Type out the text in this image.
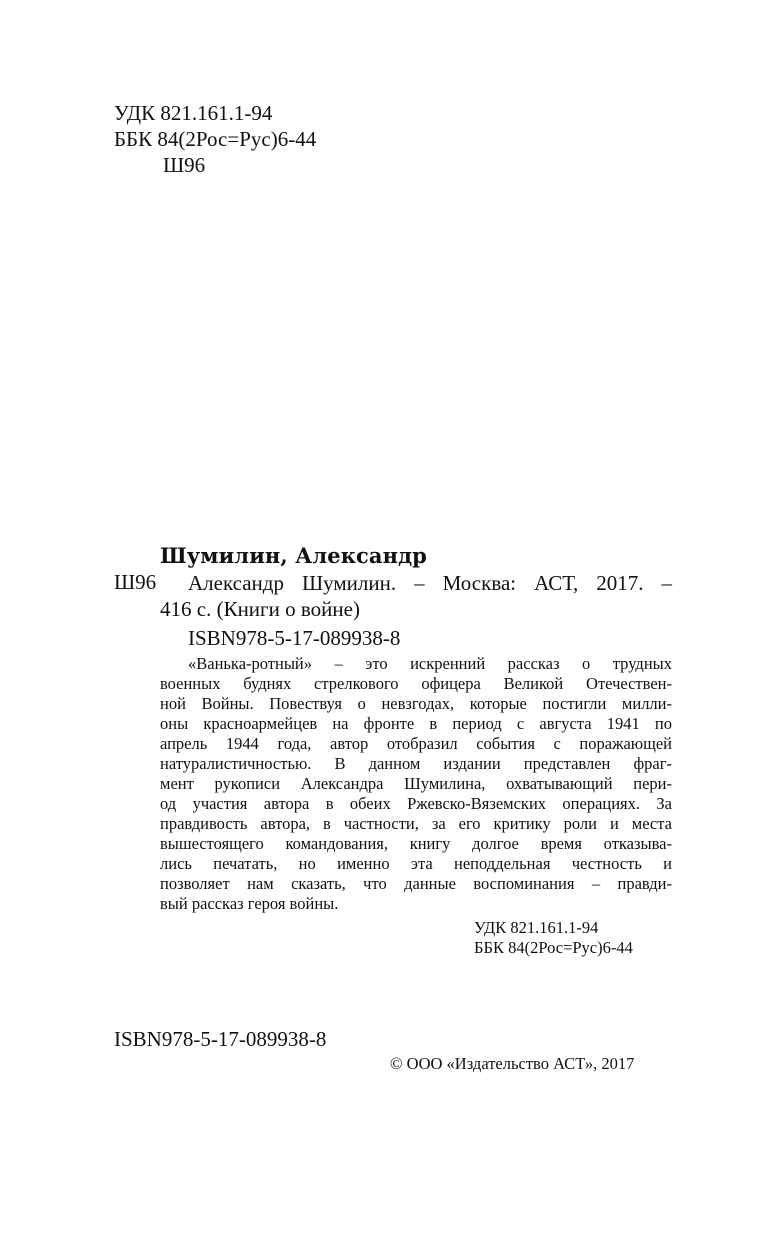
УДК 821.161.1-94
ББК 84(2Рос=Рус)6-44
Ш96
Шумилин, Александр
Ш96 Александр Шумилин. – Москва: АСТ, 2017. –
416 с. (Книги о войне)
ISBN978-5-17-089938-8
«Ванька-ротный» – это искренний рассказ о трудных
военных буднях стрелкового офицера Великой Отечествен-
ной Войны. Повествуя о невзгодах, которые постигли милли-
оны красноармейцев на фронте в период с августа 1941 по
апрель 1944 года, автор отобразил события с поражающей
натуралистичностью. В данном издании представлен фраг-
мент рукописи Александра Шумилина, охватывающий пери-
од участия автора в обеих Ржевско-Вяземских операциях. За
правдивость автора, в частности, за его критику роли и места
вышестоящего командования, книгу долгое время отказыва-
лись печатать, но именно эта неподдельная честность и
позволяет нам сказать, что данные воспоминания – правди-
вый рассказ героя войны.
УДК 821.161.1-94
ББК 84(2Рос=Рус)6-44
ISBN978-5-17-089938-8
© ООО «Издательство АСТ», 2017
